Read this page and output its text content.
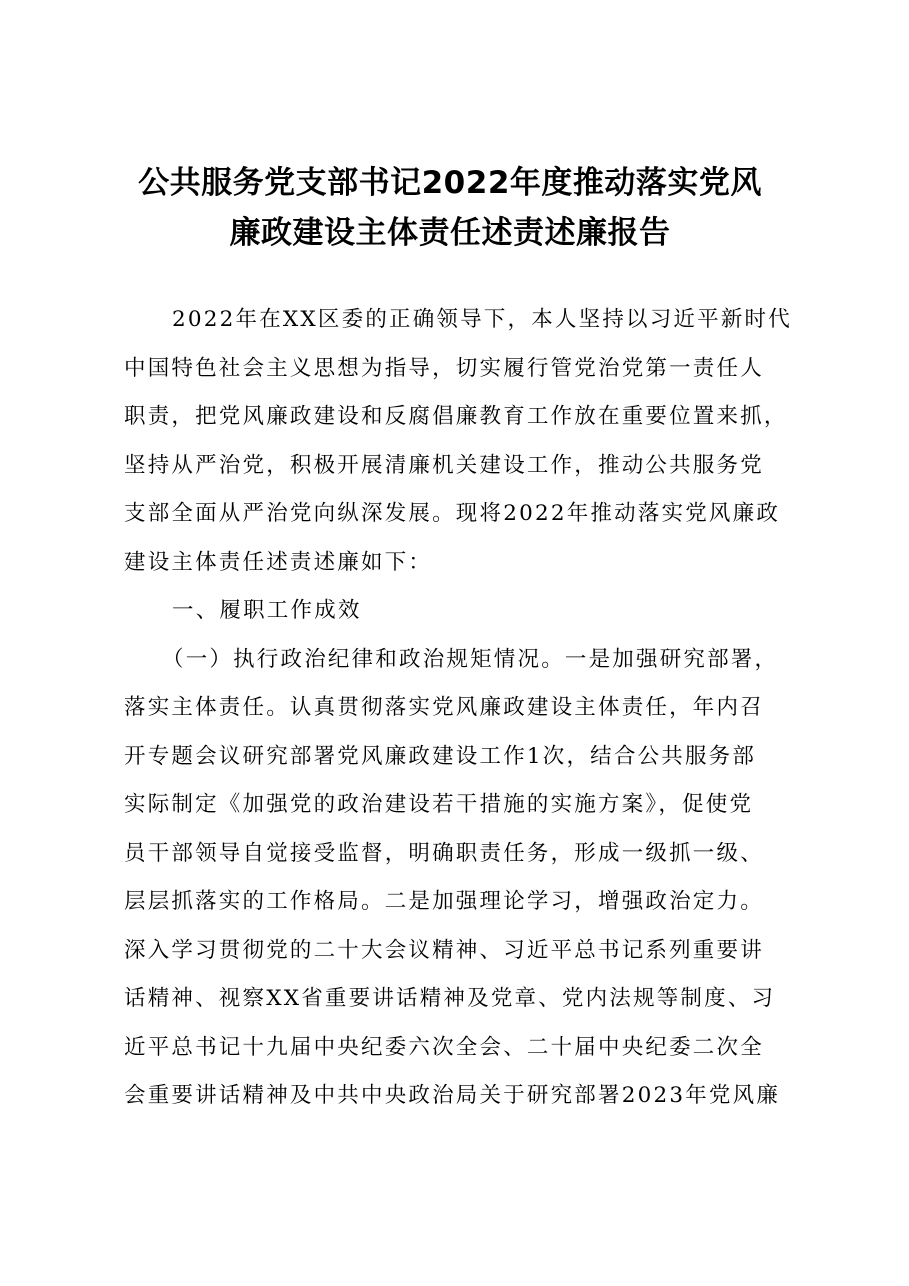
公共服务党支部书记2022年度推动落实党风
廉政建设主体责任述责述廉报告
2022年在XX区委的正确领导下，本人坚持以习近平新时代
中国特色社会主义思想为指导，切实履行管党治党第一责任人
职责，把党风廉政建设和反腐倡廉教育工作放在重要位置来抓，
坚持从严治党，积极开展清廉机关建设工作，推动公共服务党
支部全面从严治党向纵深发展。现将2022年推动落实党风廉政
建设主体责任述责述廉如下：
一、履职工作成效
（一）执行政治纪律和政治规矩情况。一是加强研究部署，
落实主体责任。认真贯彻落实党风廉政建设主体责任，年内召
开专题会议研究部署党风廉政建设工作1次，结合公共服务部
实际制定《加强党的政治建设若干措施的实施方案》，促使党
员干部领导自觉接受监督，明确职责任务，形成一级抓一级、
层层抓落实的工作格局。二是加强理论学习，增强政治定力。
深入学习贯彻党的二十大会议精神、习近平总书记系列重要讲
话精神、视察XX省重要讲话精神及党章、党内法规等制度、习
近平总书记十九届中央纪委六次全会、二十届中央纪委二次全
会重要讲话精神及中共中央政治局关于研究部署2023年党风廉
